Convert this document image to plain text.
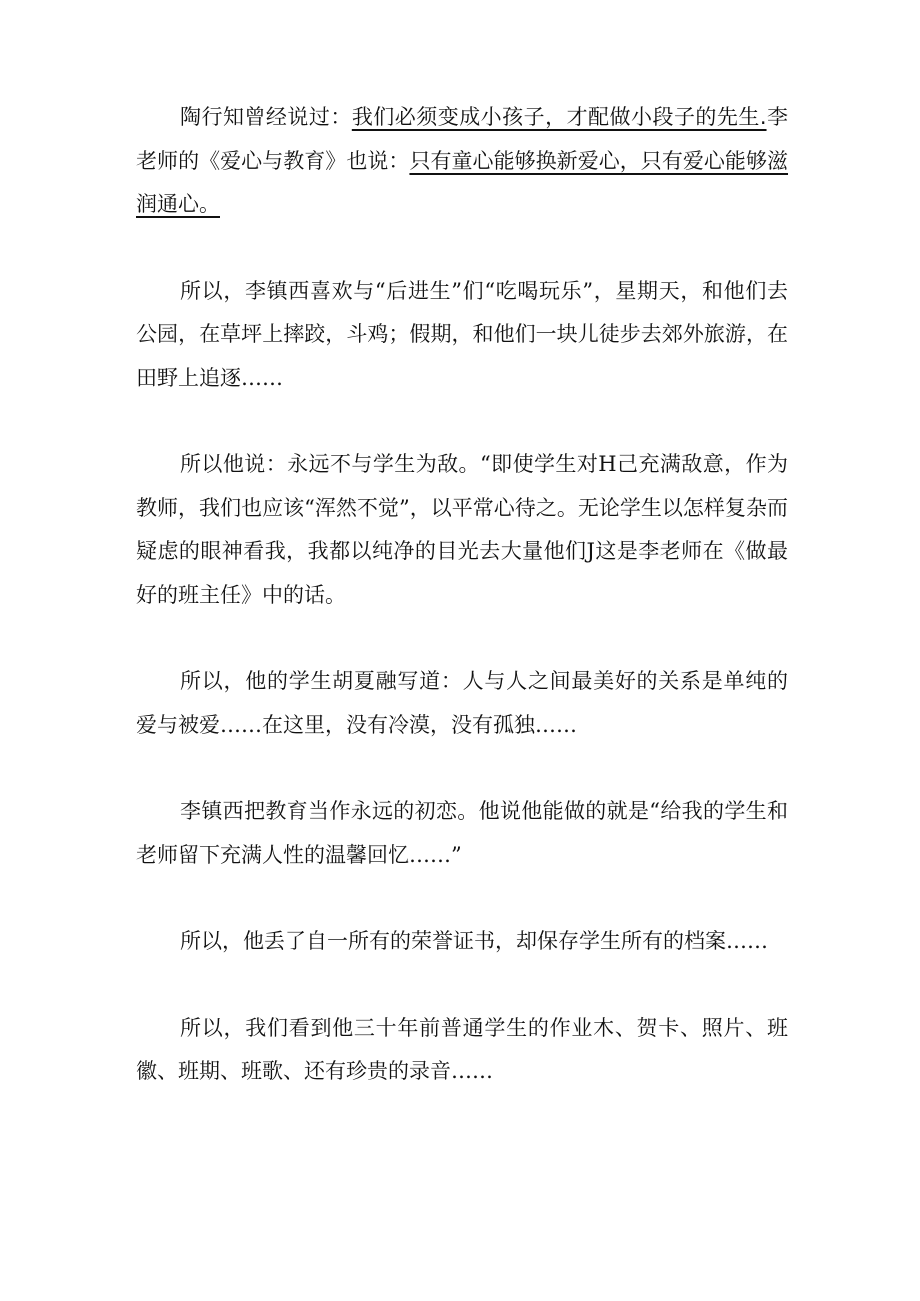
陶行知曾经说过：我们必须变成小孩子，才配做小段子的先生.李老师的《爱心与教育》也说：只有童心能够换新爱心，只有爱心能够滋润通心。

所以，李镇西喜欢与“后进生”们“吃喝玩乐”，星期天，和他们去公园，在草坪上摔跤，斗鸡；假期，和他们一块儿徒步去郊外旅游，在田野上追逐……

所以他说：永远不与学生为敌。“即使学生对H己充满敌意，作为教师，我们也应该“浑然不觉”，以平常心待之。无论学生以怎样复杂而疑虑的眼神看我，我都以纯净的目光去大量他们J这是李老师在《做最好的班主任》中的话。

所以，他的学生胡夏融写道：人与人之间最美好的关系是单纯的爱与被爱……在这里，没有冷漠，没有孤独……

李镇西把教育当作永远的初恋。他说他能做的就是“给我的学生和老师留下充满人性的温馨回忆……”

所以，他丢了自一所有的荣誉证书，却保存学生所有的档案……

所以，我们看到他三十年前普通学生的作业木、贺卡、照片、班徽、班期、班歌、还有珍贵的录音……
